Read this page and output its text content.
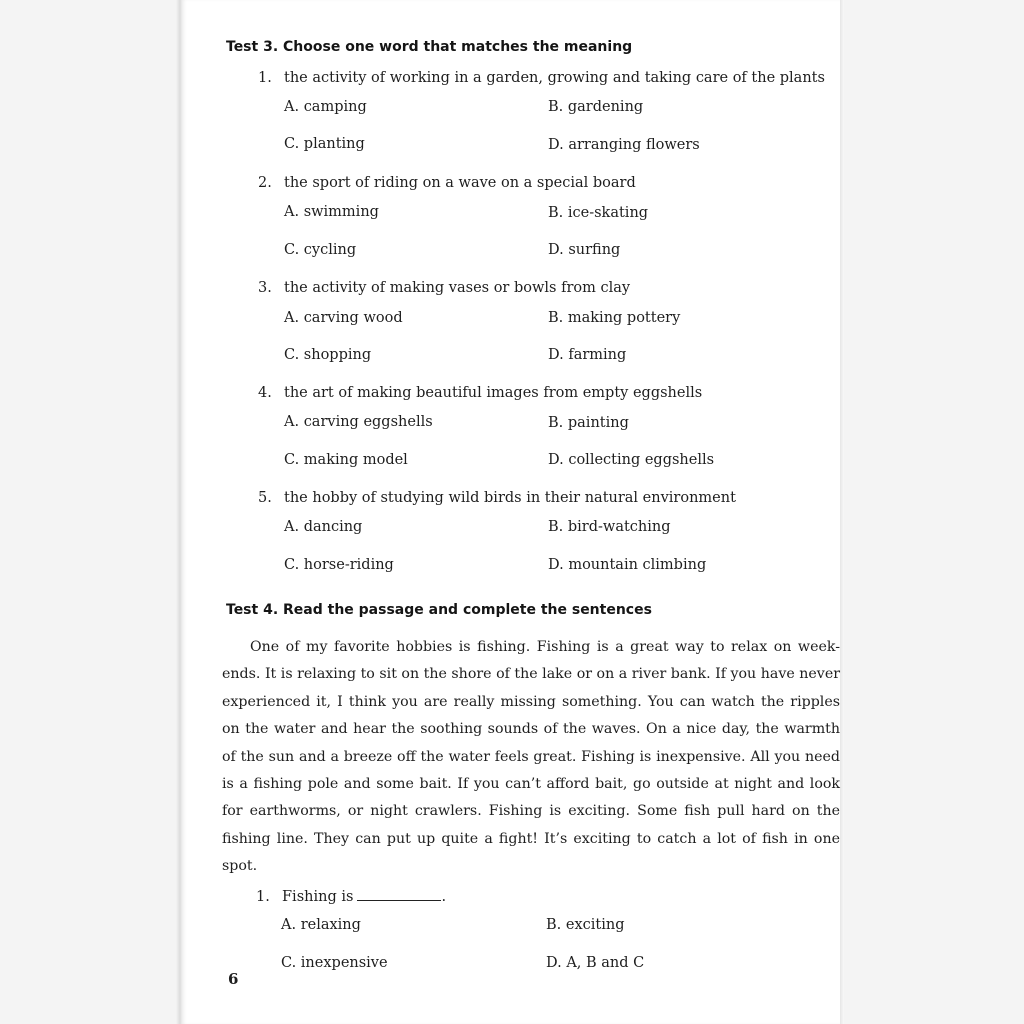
Test 3. Choose one word that matches the meaning
1. the activity of working in a garden, growing and taking care of the plants
A. camping	B. gardening
C. planting	D. arranging flowers
2. the sport of riding on a wave on a special board
A. swimming	B. ice-skating
C. cycling	D. surfing
3. the activity of making vases or bowls from clay
A. carving wood	B. making pottery
C. shopping	D. farming
4. the art of making beautiful images from empty eggshells
A. carving eggshells	B. painting
C. making model	D. collecting eggshells
5. the hobby of studying wild birds in their natural environment
A. dancing	B. bird-watching
C. horse-riding	D. mountain climbing
Test 4. Read the passage and complete the sentences

One of my favorite hobbies is fishing. Fishing is a great way to relax on week-ends. It is relaxing to sit on the shore of the lake or on a river bank. If you have never experienced it, I think you are really missing something. You can watch the ripples on the water and hear the soothing sounds of the waves. On a nice day, the warmth of the sun and a breeze off the water feels great. Fishing is inexpensive. All you need is a fishing pole and some bait. If you can’t afford bait, go outside at night and look for earthworms, or night crawlers. Fishing is exciting. Some fish pull hard on the fishing line. They can put up quite a fight! It’s exciting to catch a lot of fish in one spot.

1. Fishing is	.
A. relaxing	B. exciting
C. inexpensive	D. A, B and C
6
